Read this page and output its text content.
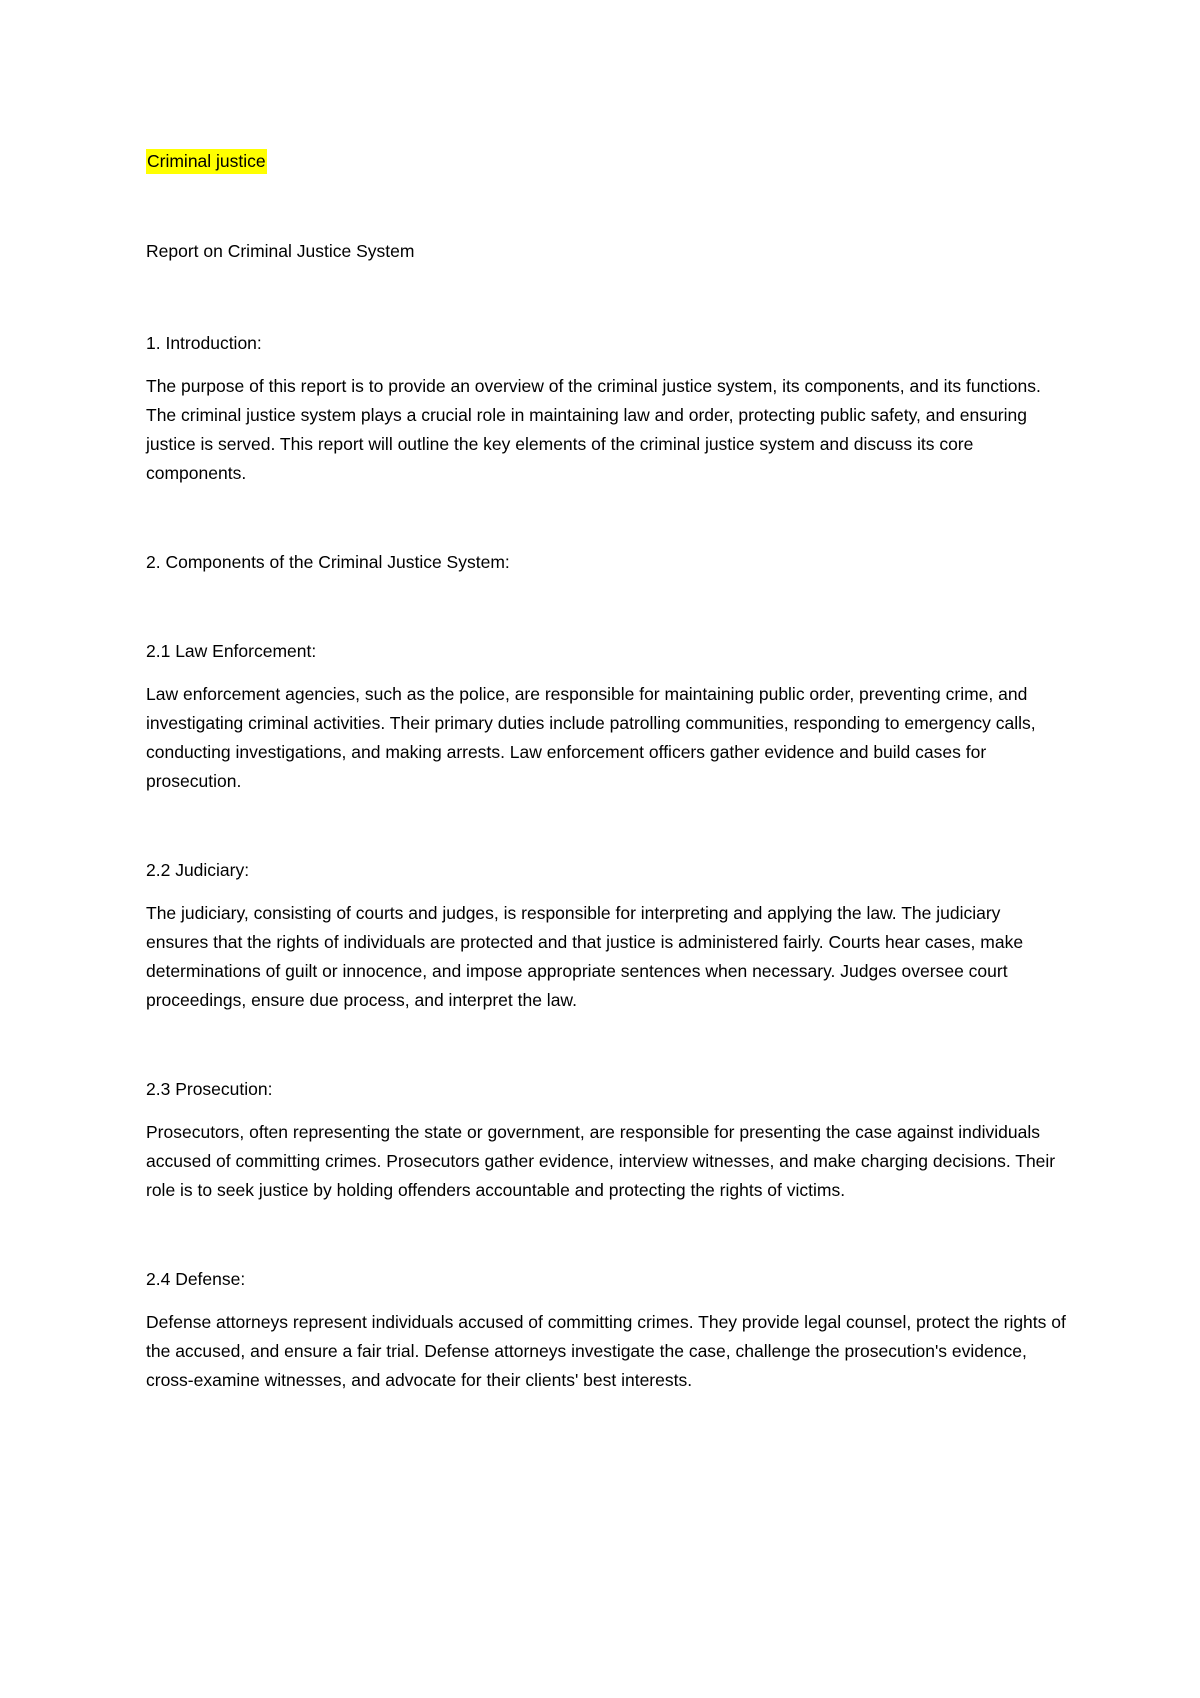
Criminal justice
Report on Criminal Justice System
1. Introduction:

The purpose of this report is to provide an overview of the criminal justice system, its components, and its functions. The criminal justice system plays a crucial role in maintaining law and order, protecting public safety, and ensuring justice is served. This report will outline the key elements of the criminal justice system and discuss its core components.

2. Components of the Criminal Justice System:
2.1 Law Enforcement:

Law enforcement agencies, such as the police, are responsible for maintaining public order, preventing crime, and investigating criminal activities. Their primary duties include patrolling communities, responding to emergency calls, conducting investigations, and making arrests. Law enforcement officers gather evidence and build cases for prosecution.

2.2 Judiciary:

The judiciary, consisting of courts and judges, is responsible for interpreting and applying the law. The judiciary ensures that the rights of individuals are protected and that justice is administered fairly. Courts hear cases, make determinations of guilt or innocence, and impose appropriate sentences when necessary. Judges oversee court proceedings, ensure due process, and interpret the law.

2.3 Prosecution:

Prosecutors, often representing the state or government, are responsible for presenting the case against individuals accused of committing crimes. Prosecutors gather evidence, interview witnesses, and make charging decisions. Their role is to seek justice by holding offenders accountable and protecting the rights of victims.

2.4 Defense:

Defense attorneys represent individuals accused of committing crimes. They provide legal counsel, protect the rights of the accused, and ensure a fair trial. Defense attorneys investigate the case, challenge the prosecution's evidence, cross-examine witnesses, and advocate for their clients' best interests.
